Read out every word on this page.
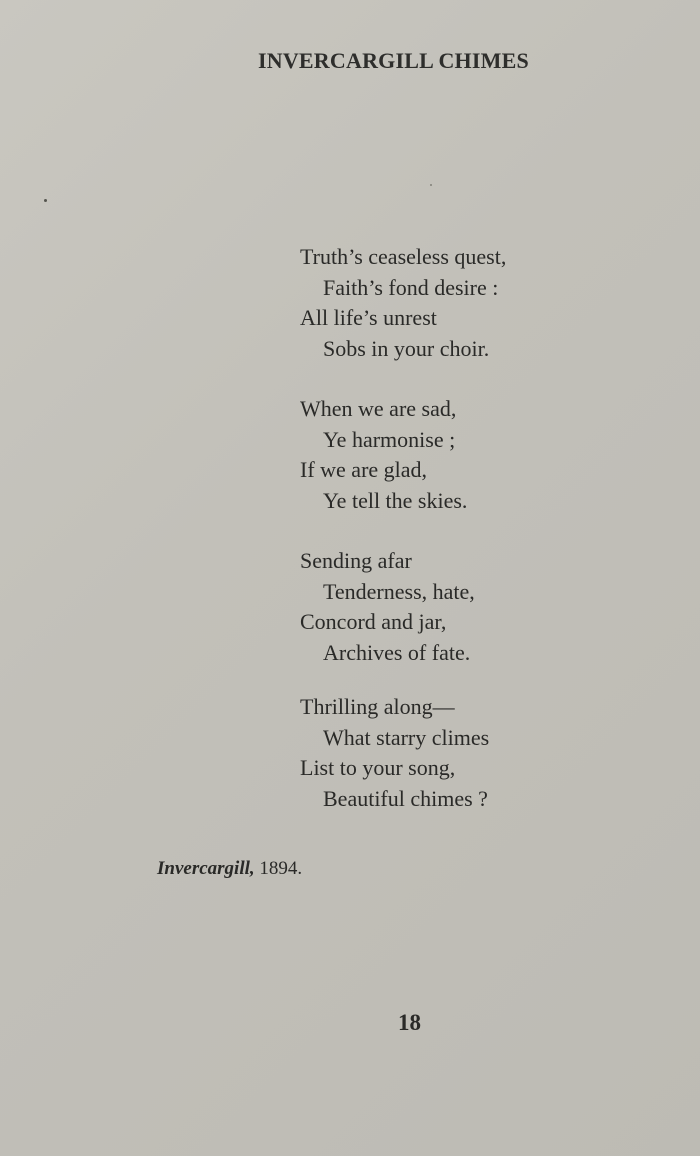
INVERCARGILL CHIMES
Truth’s ceaseless quest,
Faith’s fond desire :
All life’s unrest
Sobs in your choir.
When we are sad,
Ye harmonise ;
If we are glad,
Ye tell the skies.
Sending afar
Tenderness, hate,
Concord and jar,
Archives of fate.
Thrilling along—
What starry climes
List to your song,
Beautiful chimes ?
Invercargill, 1894.
18
